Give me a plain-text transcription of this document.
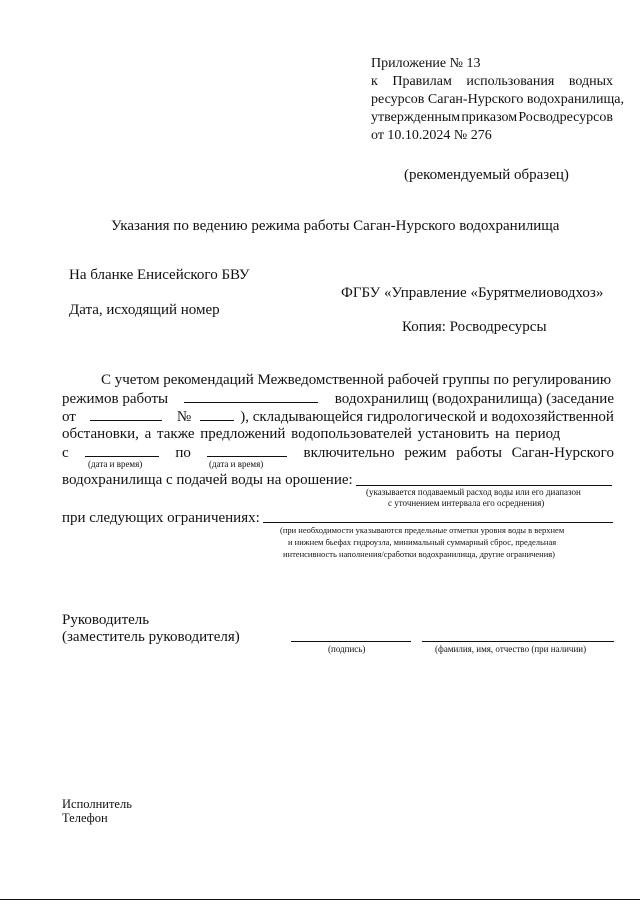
Приложение № 13
к Правилам использования водных
ресурсов Саган-Нурского водохранилища,
утвержденным приказом Росводресурсов
от 10.10.2024 № 276
(рекомендуемый образец)
Указания по ведению режима работы Саган-Нурского водохранилища
На бланке Енисейского БВУ
ФГБУ «Управление «Бурятмелиоводхоз»
Дата, исходящий номер
Копия: Росводресурсы
С учетом рекомендаций Межведомственной рабочей группы по регулированию
режимов работы	водохранилищ (водохранилища) (заседание
от	№	), складывающейся гидрологической и водохозяйственной
обстановки, а также предложений водопользователей установить на период
с	по	включительно режим работы Саган-Нурского
(дата и время)	(дата и время)
водохранилища с подачей воды на орошение:
(указывается подаваемый расход воды или его диапазон
с уточнением интервала его осреднения)
при следующих ограничениях:
(при необходимости указываются предельные отметки уровня воды в верхнем
и нижнем бьефах гидроузла, минимальный суммарный сброс, предельная
интенсивность наполнения/сработки водохранилища, другие ограничения)
Руководитель
(заместитель руководителя)
(подпись)	(фамилия, имя, отчество (при наличии)
Исполнитель
Телефон
